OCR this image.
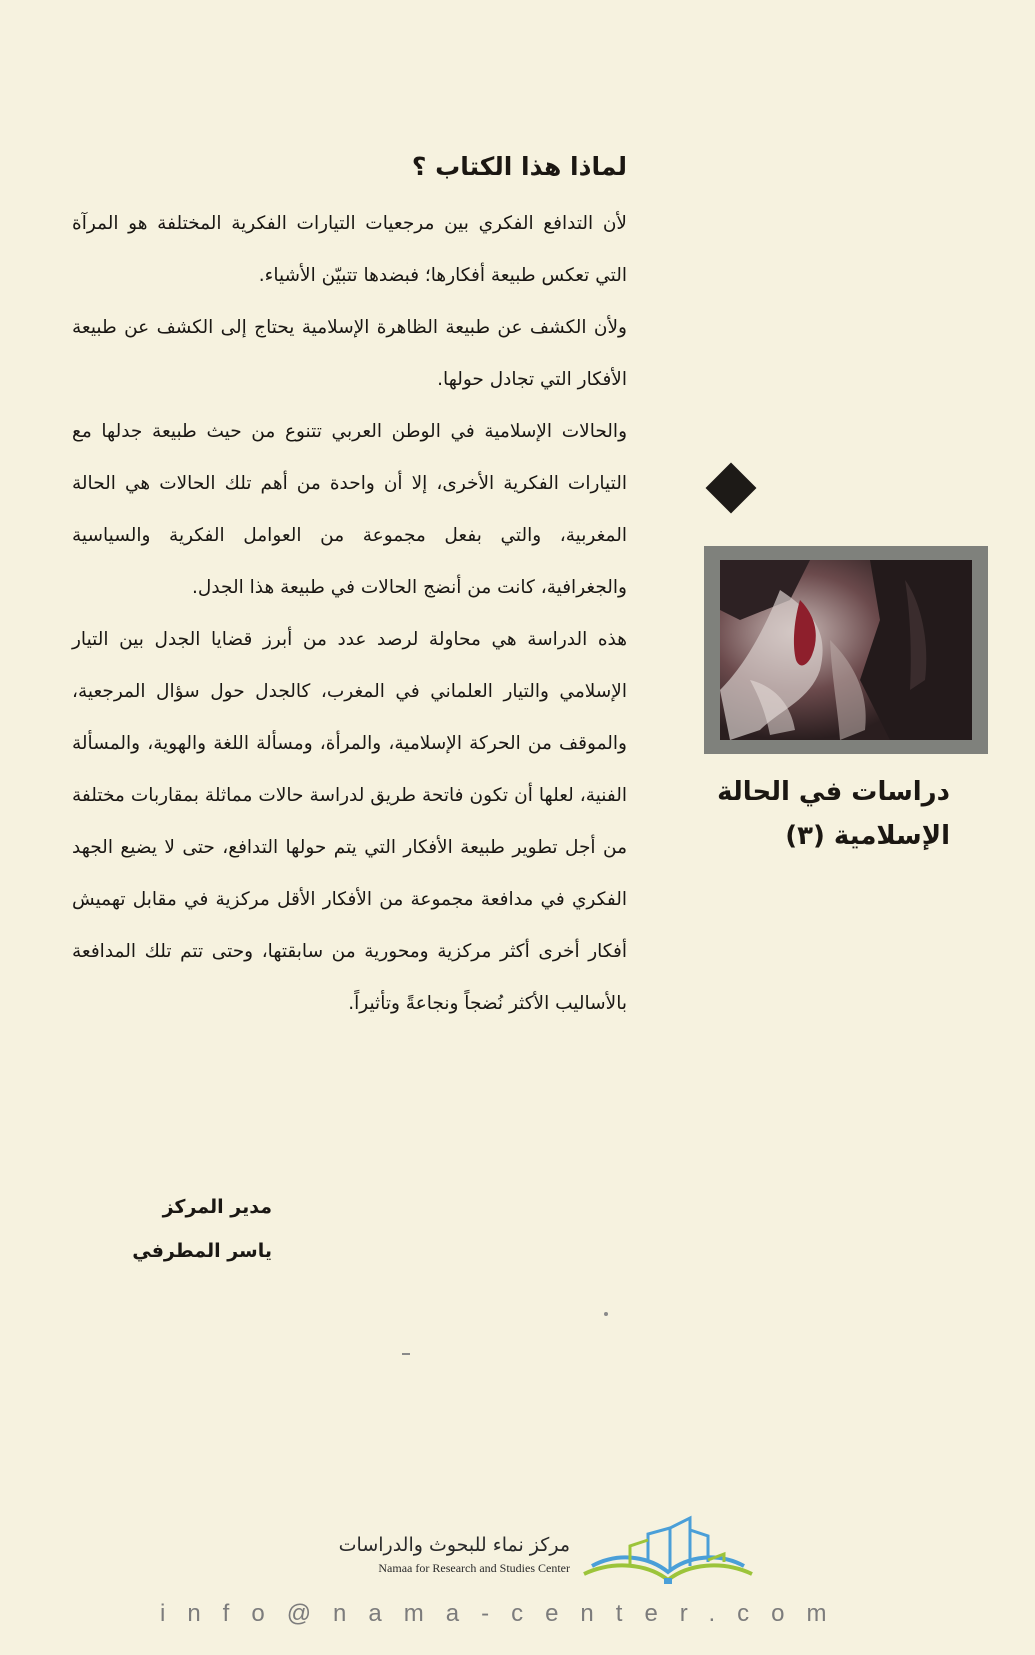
لماذا هذا الكتاب ؟

لأن التدافع الفكري بين مرجعيات التيارات الفكرية المختلفة هو المرآة التي تعكس طبيعة أفكارها؛ فبضدها تتبيّن الأشياء.

ولأن الكشف عن طبيعة الظاهرة الإسلامية يحتاج إلى الكشف عن طبيعة الأفكار التي تجادل حولها.

والحالات الإسلامية في الوطن العربي تتنوع من حيث طبيعة جدلها مع التيارات الفكرية الأخرى، إلا أن واحدة من أهم تلك الحالات هي الحالة المغربية، والتي بفعل مجموعة من العوامل الفكرية والسياسية والجغرافية، كانت من أنضج الحالات في طبيعة هذا الجدل.

هذه الدراسة هي محاولة لرصد عدد من أبرز قضايا الجدل بين التيار الإسلامي والتيار العلماني في المغرب، كالجدل حول سؤال المرجعية، والموقف من الحركة الإسلامية، والمرأة، ومسألة اللغة والهوية، والمسألة الفنية، لعلها أن تكون فاتحة طريق لدراسة حالات مماثلة بمقاربات مختلفة من أجل تطوير طبيعة الأفكار التي يتم حولها التدافع، حتى لا يضيع الجهد الفكري في مدافعة مجموعة من الأفكار الأقل مركزية في مقابل تهميش أفكار أخرى أكثر مركزية ومحورية من سابقتها، وحتى تتم تلك المدافعة بالأساليب الأكثر نُضجاً ونجاعةً وتأثيراً.

مدير المركز
ياسر المطرفي
دراسات في الحالة
الإسلامية (٣)
مركز نماء للبحوث والدراسات
Namaa for Research and Studies Center
info@nama-center.com
